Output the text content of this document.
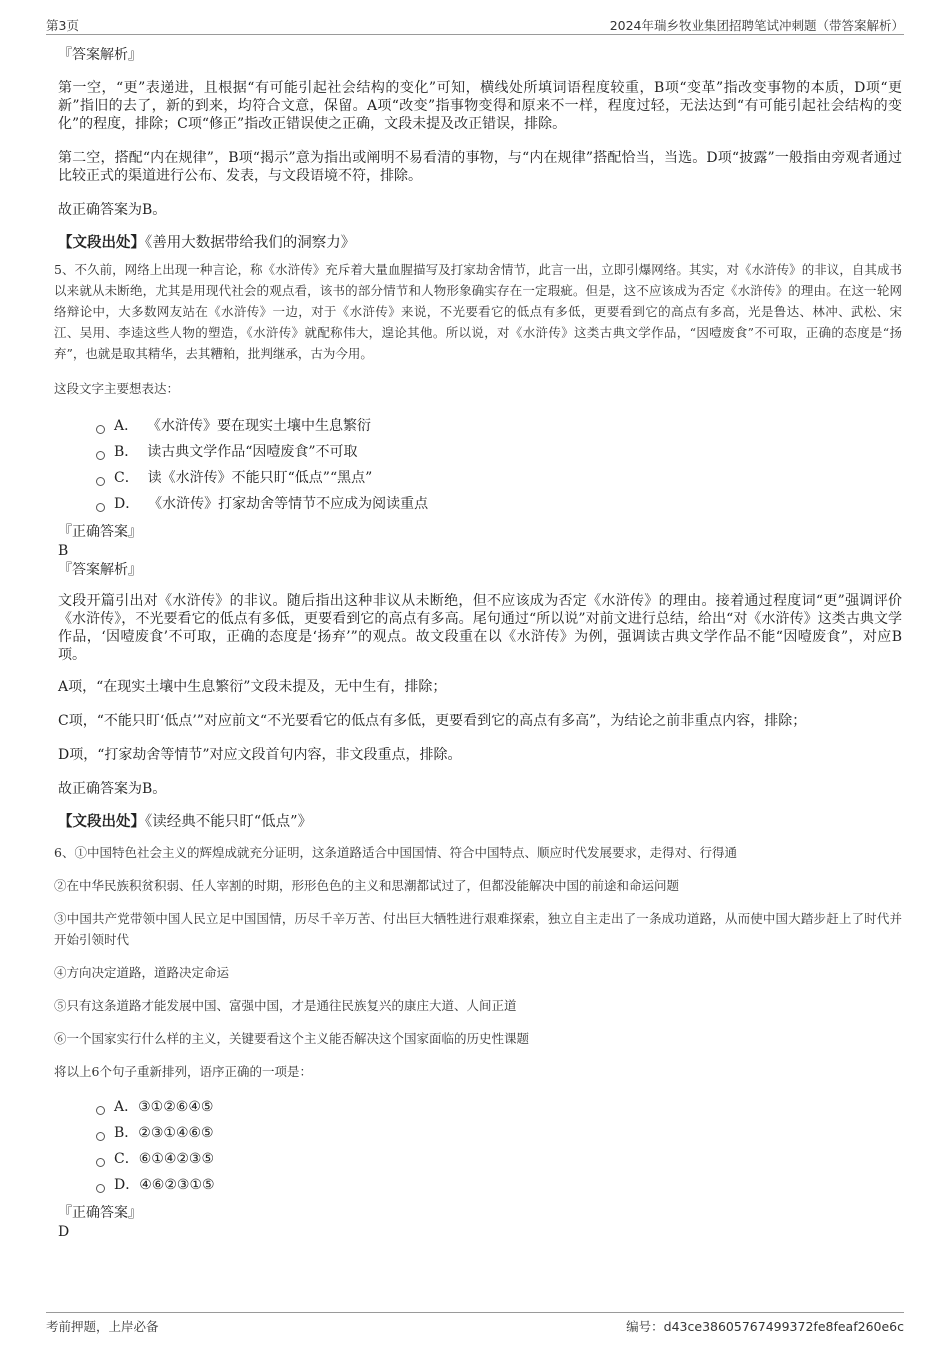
第3页	2024年瑞乡牧业集团招聘笔试冲刺题（带答案解析）
『答案解析』
第一空，“更”表递进，且根据“有可能引起社会结构的变化”可知，横线处所填词语程度较重，B项“变革”指改变事物的本质，D项“更新”指旧的去了，新的到来，均符合文意，保留。A项“改变”指事物变得和原来不一样，程度过轻，无法达到“有可能引起社会结构的变化”的程度，排除；C项“修正”指改正错误使之正确，文段未提及改正错误，排除。
第二空，搭配“内在规律”，B项“揭示”意为指出或阐明不易看清的事物，与“内在规律”搭配恰当，当选。D项“披露”一般指由旁观者通过比较正式的渠道进行公布、发表，与文段语境不符，排除。
故正确答案为B。
【文段出处】《善用大数据带给我们的洞察力》
5、不久前，网络上出现一种言论，称《水浒传》充斥着大量血腥描写及打家劫舍情节，此言一出，立即引爆网络。其实，对《水浒传》的非议，自其成书以来就从未断绝，尤其是用现代社会的观点看，该书的部分情节和人物形象确实存在一定瑕疵。但是，这不应该成为否定《水浒传》的理由。在这一轮网络辩论中，大多数网友站在《水浒传》一边，对于《水浒传》来说，不光要看它的低点有多低，更要看到它的高点有多高，光是鲁达、林冲、武松、宋江、吴用、李逵这些人物的塑造，《水浒传》就配称伟大，遑论其他。所以说，对《水浒传》这类古典文学作品，“因噎废食”不可取，正确的态度是“扬弃”，也就是取其精华，去其糟粕，批判继承，古为今用。
这段文字主要想表达：
A．
《水浒传》要在现实土壤中生息繁衍
B．
读古典文学作品“因噎废食”不可取
C．
读《水浒传》不能只盯“低点”“黑点”
D．
《水浒传》打家劫舍等情节不应成为阅读重点
『正确答案』
B
『答案解析』
文段开篇引出对《水浒传》的非议。随后指出这种非议从未断绝，但不应该成为否定《水浒传》的理由。接着通过程度词“更”强调评价《水浒传》，不光要看它的低点有多低，更要看到它的高点有多高。尾句通过“所以说”对前文进行总结，给出“对《水浒传》这类古典文学作品，‘因噎废食’不可取，正确的态度是‘扬弃’”的观点。故文段重在以《水浒传》为例，强调读古典文学作品不能“因噎废食”，对应B项。
A项，“在现实土壤中生息繁衍”文段未提及，无中生有，排除；
C项，“不能只盯‘低点’”对应前文“不光要看它的低点有多低，更要看到它的高点有多高”，为结论之前非重点内容，排除；
D项，“打家劫舍等情节”对应文段首句内容，非文段重点，排除。
故正确答案为B。
【文段出处】《读经典不能只盯“低点”》
6、①中国特色社会主义的辉煌成就充分证明，这条道路适合中国国情、符合中国特点、顺应时代发展要求，走得对、行得通
②在中华民族积贫积弱、任人宰割的时期，形形色色的主义和思潮都试过了，但都没能解决中国的前途和命运问题
③中国共产党带领中国人民立足中国国情，历尽千辛万苦、付出巨大牺牲进行艰难探索，独立自主走出了一条成功道路，从而使中国大踏步赶上了时代并开始引领时代
④方向决定道路，道路决定命运
⑤只有这条道路才能发展中国、富强中国，才是通往民族复兴的康庄大道、人间正道
⑥一个国家实行什么样的主义，关键要看这个主义能否解决这个国家面临的历史性课题
将以上6个句子重新排列，语序正确的一项是：
A． ③①②⑥④⑤
B． ②③①④⑥⑤
C． ⑥①④②③⑤
D． ④⑥②③①⑤
『正确答案』
D
考前押题，上岸必备	编号：d43ce38605767499372fe8feaf260e6c
